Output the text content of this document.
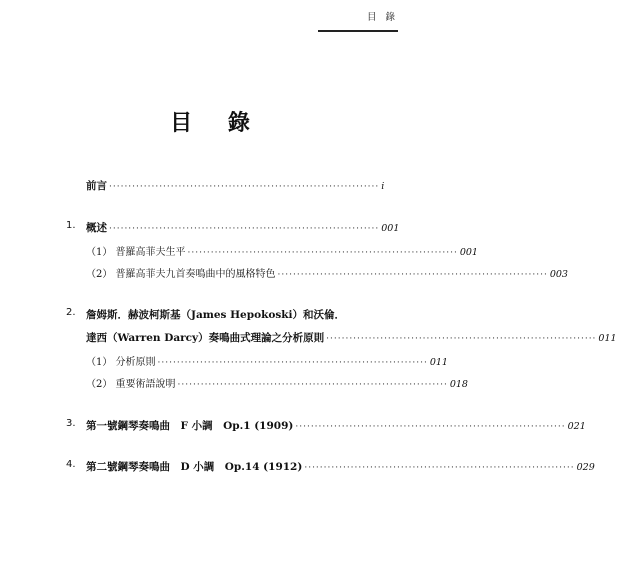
目 錄
目 錄
前言 ······································································ i
1. 概述 ······································································ 001
（1） 普羅高菲夫生平 ······································································ 001
（2） 普羅高菲夫九首奏鳴曲中的風格特色 ······································································ 003
2. 詹姆斯．赫波柯斯基（James Hepokoski）和沃倫．
達西（Warren Darcy）奏鳴曲式理論之分析原則 ······································································ 011
（1） 分析原則 ······································································ 011
（2） 重要術語說明 ······································································ 018
3. 第一號鋼琴奏鳴曲　F 小調　Op.1 (1909) ······································································ 021
4. 第二號鋼琴奏鳴曲　D 小調　Op.14 (1912) ······································································ 029
